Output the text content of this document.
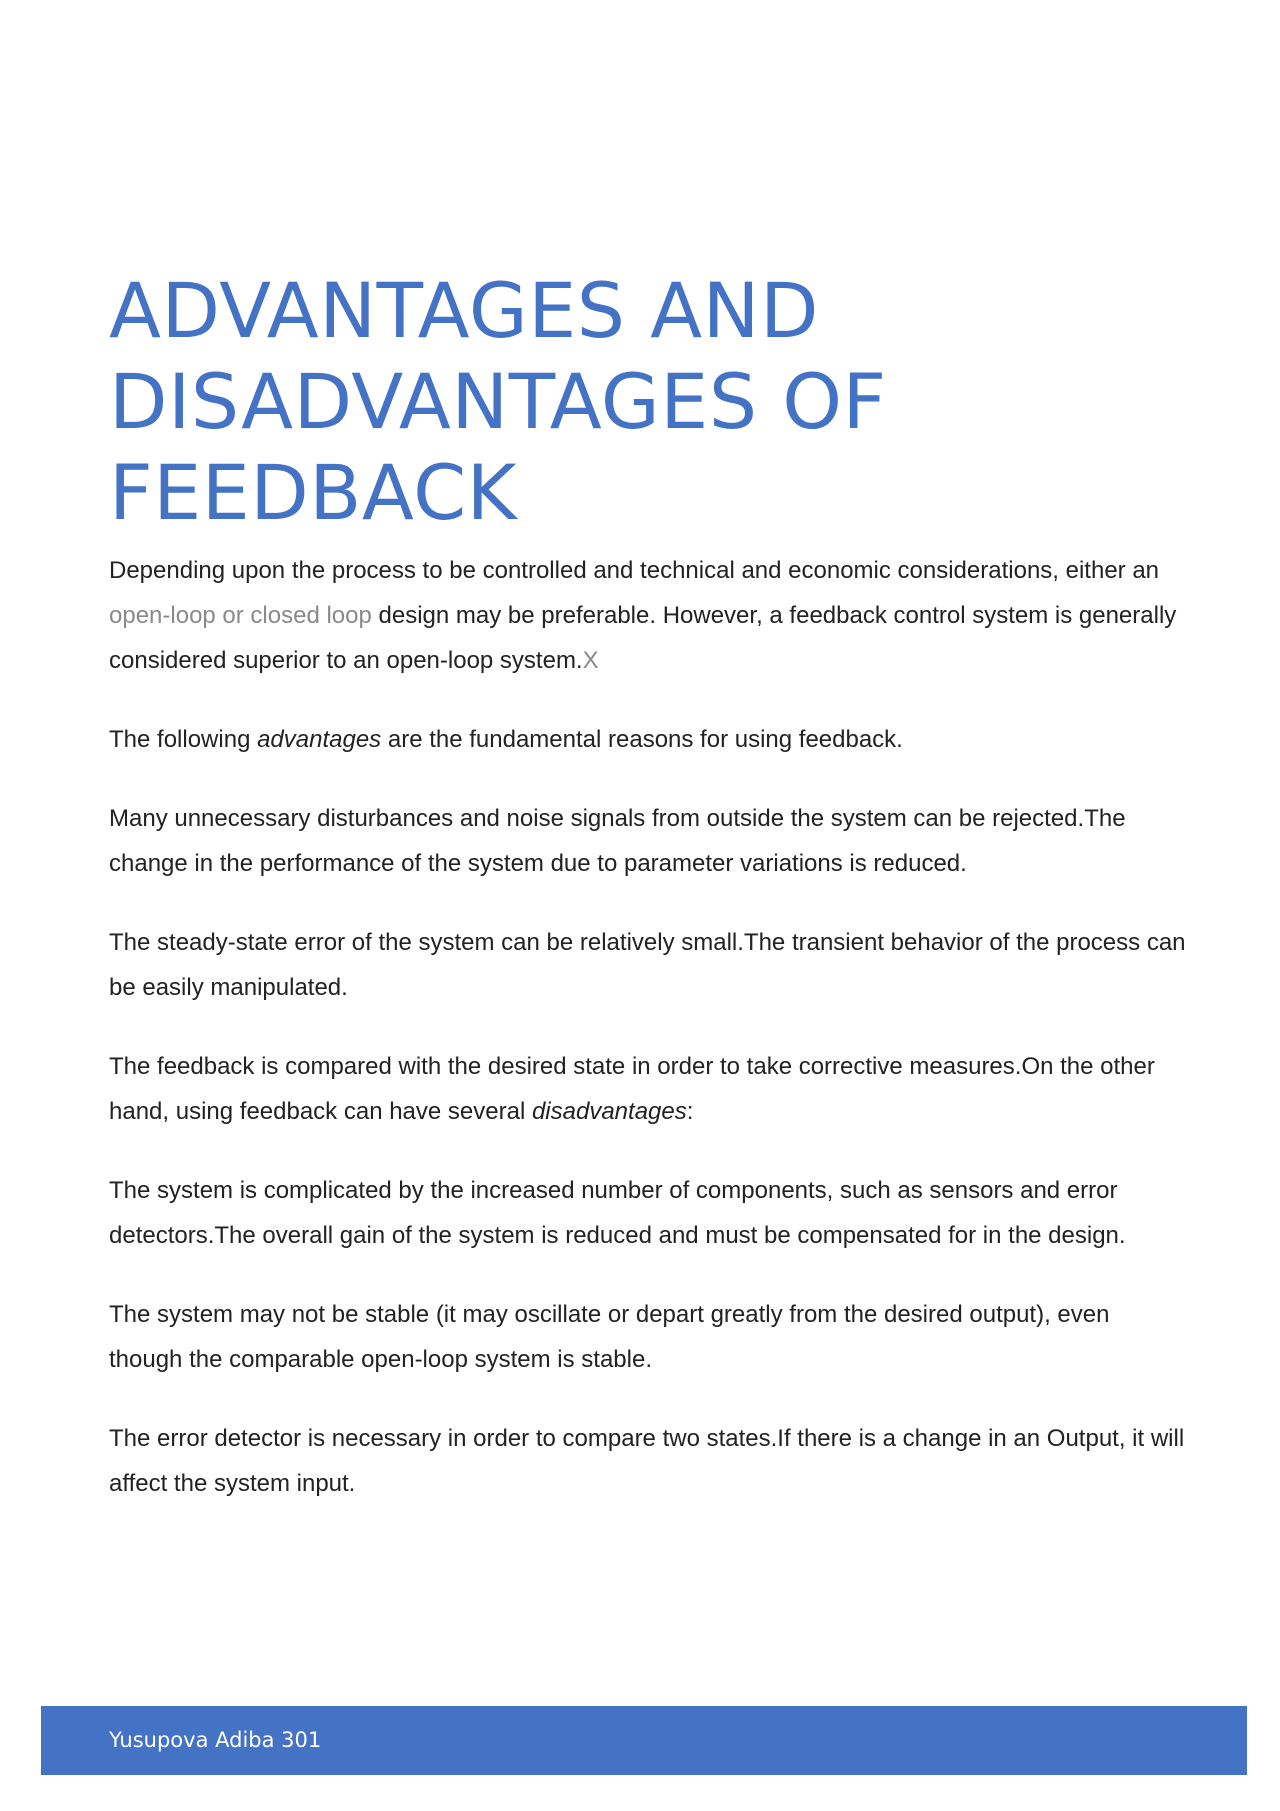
ADVANTAGES AND
DISADVANTAGES OF
FEEDBACK

Depending upon the process to be controlled and technical and economic considerations, either an open-loop or closed loop design may be preferable. However, a feedback control system is generally considered superior to an open-loop system.X

The following advantages are the fundamental reasons for using feedback.

Many unnecessary disturbances and noise signals from outside the system can be rejected.The change in the performance of the system due to parameter variations is reduced.

The steady-state error of the system can be relatively small.The transient behavior of the process can be easily manipulated.

The feedback is compared with the desired state in order to take corrective measures.On the other hand, using feedback can have several disadvantages:

The system is complicated by the increased number of components, such as sensors and error detectors.The overall gain of the system is reduced and must be compensated for in the design.

The system may not be stable (it may oscillate or depart greatly from the desired output), even though the comparable open-loop system is stable.

The error detector is necessary in order to compare two states.If there is a change in an Output, it will affect the system input.

Yusupova Adiba 301
